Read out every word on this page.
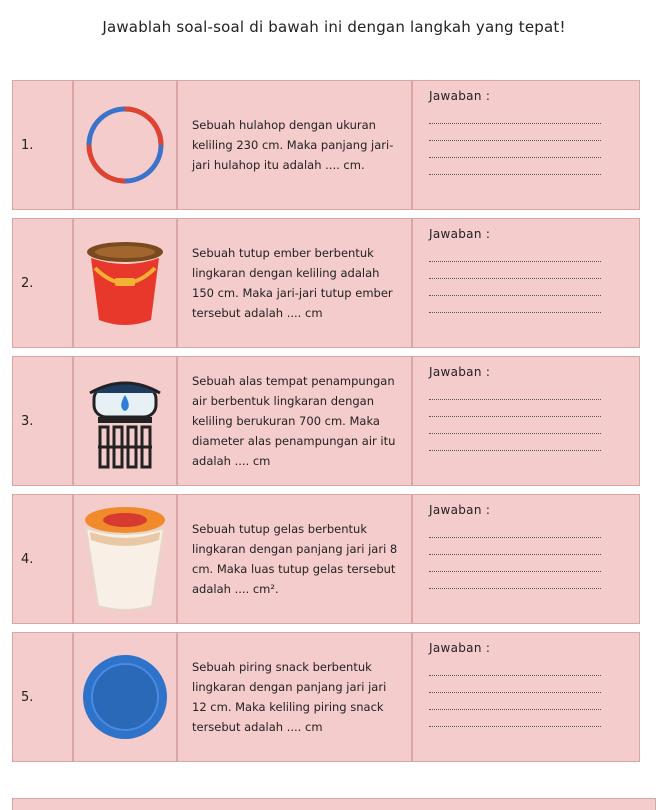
Jawablah soal-soal di bawah ini dengan langkah yang tepat!
1.
Sebuah hulahop dengan ukuran keliling 230 cm. Maka panjang jari-jari hulahop itu adalah .... cm.
Jawaban :
2.
Sebuah tutup ember berbentuk lingkaran dengan keliling adalah 150 cm. Maka jari-jari tutup ember tersebut adalah .... cm
Jawaban :
3.
Sebuah alas tempat penampungan air berbentuk lingkaran dengan keliling berukuran 700 cm. Maka diameter alas penampungan air itu adalah .... cm
Jawaban :
4.
Sebuah tutup gelas berbentuk lingkaran dengan panjang jari jari 8 cm. Maka luas tutup gelas tersebut adalah .... cm².
Jawaban :
5.
Sebuah piring snack berbentuk lingkaran dengan panjang jari jari 12 cm. Maka keliling piring snack tersebut adalah .... cm
Jawaban :
